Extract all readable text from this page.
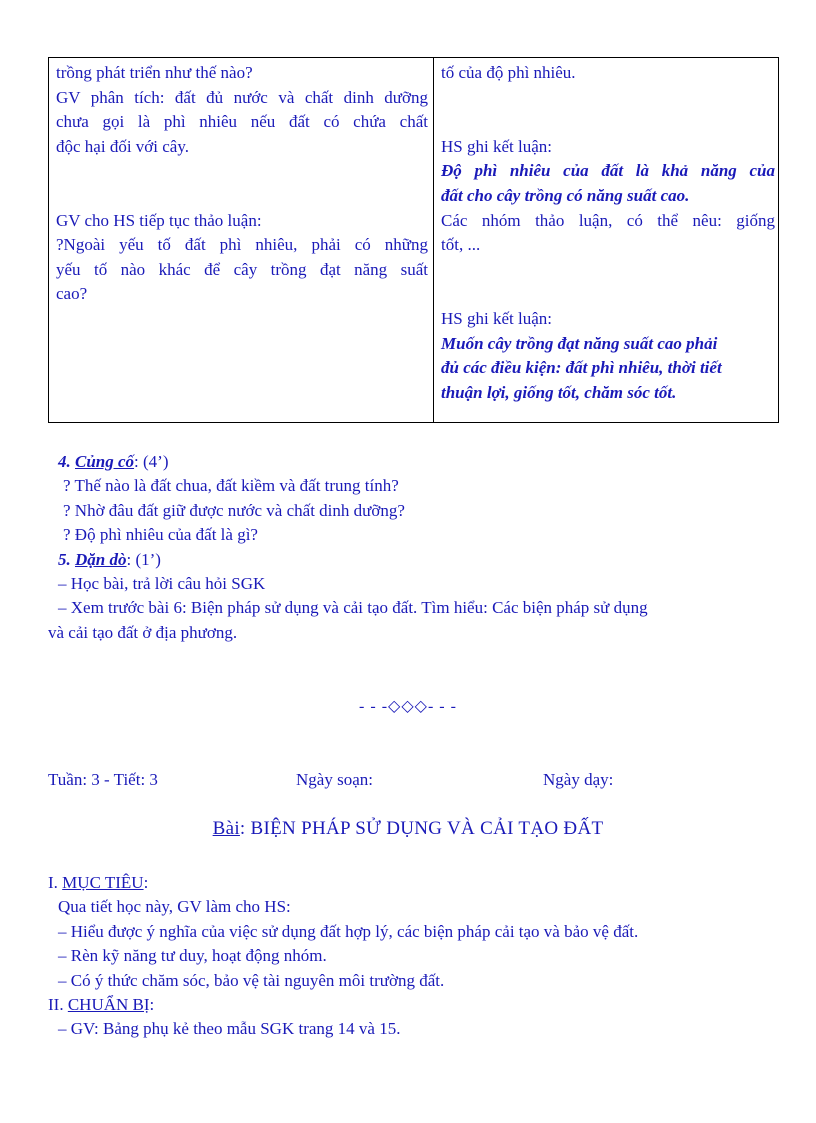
trồng phát triển như thế nào?
GV phân tích: đất đủ nước và chất dinh dưỡng
chưa gọi là phì nhiêu nếu đất có chứa chất
độc hại đối với cây.
GV cho HS tiếp tục thảo luận:
?Ngoài yếu tố đất phì nhiêu, phải có những
yếu tố nào khác để cây trồng đạt năng suất
cao?
tố của độ phì nhiêu.
HS ghi kết luận:
Độ phì nhiêu của đất là khả năng của
đất cho cây trồng có năng suất cao.
Các nhóm thảo luận, có thể nêu: giống
tốt, ...
HS ghi kết luận:
Muốn cây trồng đạt năng suất cao phải
đủ các điều kiện: đất phì nhiêu, thời tiết
thuận lợi, giống tốt, chăm sóc tốt.
4. Củng cố: (4’)
? Thế nào là đất chua, đất kiềm và đất trung tính?
? Nhờ đâu đất giữ được nước và chất dinh dưỡng?
? Độ phì nhiêu của đất là gì?
5. Dặn dò: (1’)
– Học bài, trả lời câu hỏi SGK
– Xem trước bài 6: Biện pháp sử dụng và cải tạo đất. Tìm hiểu: Các biện pháp sử dụng
và cải tạo đất ở địa phương.
- - -◇◇◇- - -
Tuần: 3 - Tiết: 3	Ngày soạn:	Ngày dạy:
Bài: BIỆN PHÁP SỬ DỤNG VÀ CẢI TẠO ĐẤT
I. MỤC TIÊU:
Qua tiết học này, GV làm cho HS:
– Hiểu được ý nghĩa của việc sử dụng đất hợp lý, các biện pháp cải tạo và bảo vệ đất.
– Rèn kỹ năng tư duy, hoạt động nhóm.
– Có ý thức chăm sóc, bảo vệ tài nguyên môi trường đất.
II. CHUẨN BỊ:
– GV: Bảng phụ kẻ theo mẫu SGK trang 14 và 15.
